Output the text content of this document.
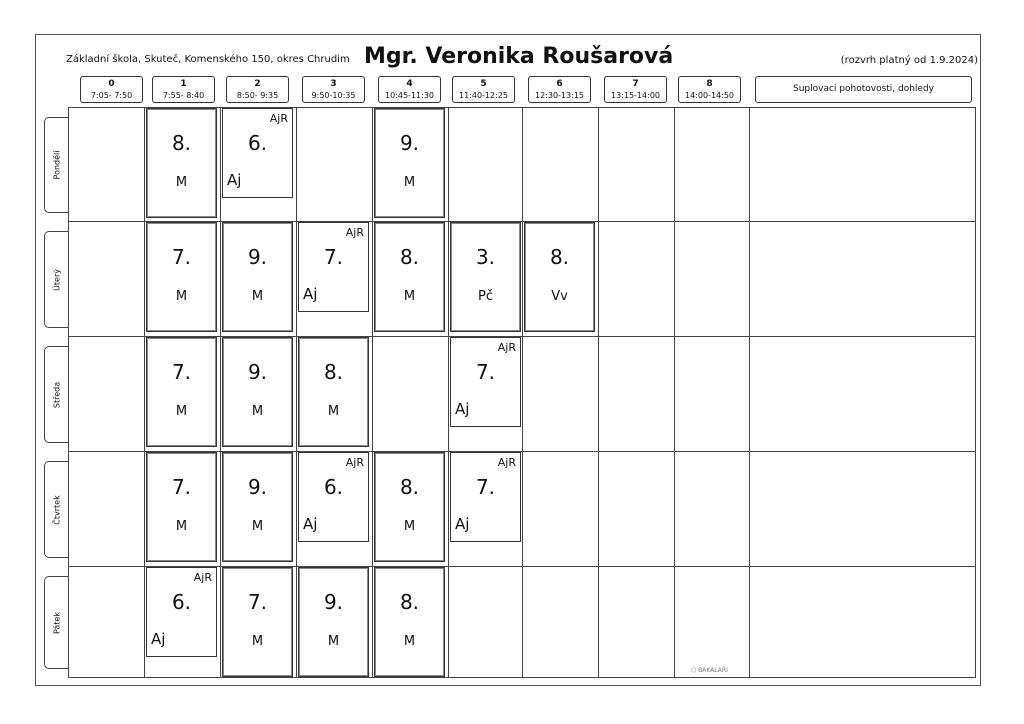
Základní škola, Skuteč, Komenského 150, okres Chrudim Mgr. Veronika Roušarová	(rozvrh platný od 1.9.2024)
0
7:05- 7:50
1
7:55- 8:40
2
8:50- 9:35
3
9:50-10:35
4
10:45-11:30
5
11:40-12:25
6
12:30-13:15
7
13:15-14:00
8
14:00-14:50
Suplovací pohotovosti, dohledy
Pondělí
Úterý
Středa
Čtvrtek
Pátek
8.
M
AjR
6.
Aj
9.
M
7.
M
9.
M
AjR
7.
Aj
8.
M
3.
Pč
8.
Vv
7.
M
9.
M
8.
M
AjR
7.
Aj
7.
M
9.
M
AjR
6.
Aj
8.
M
AjR
7.
Aj
AjR
6.
Aj
7.
M
9.
M
8.
M
⬡ BAKALÁŘI
